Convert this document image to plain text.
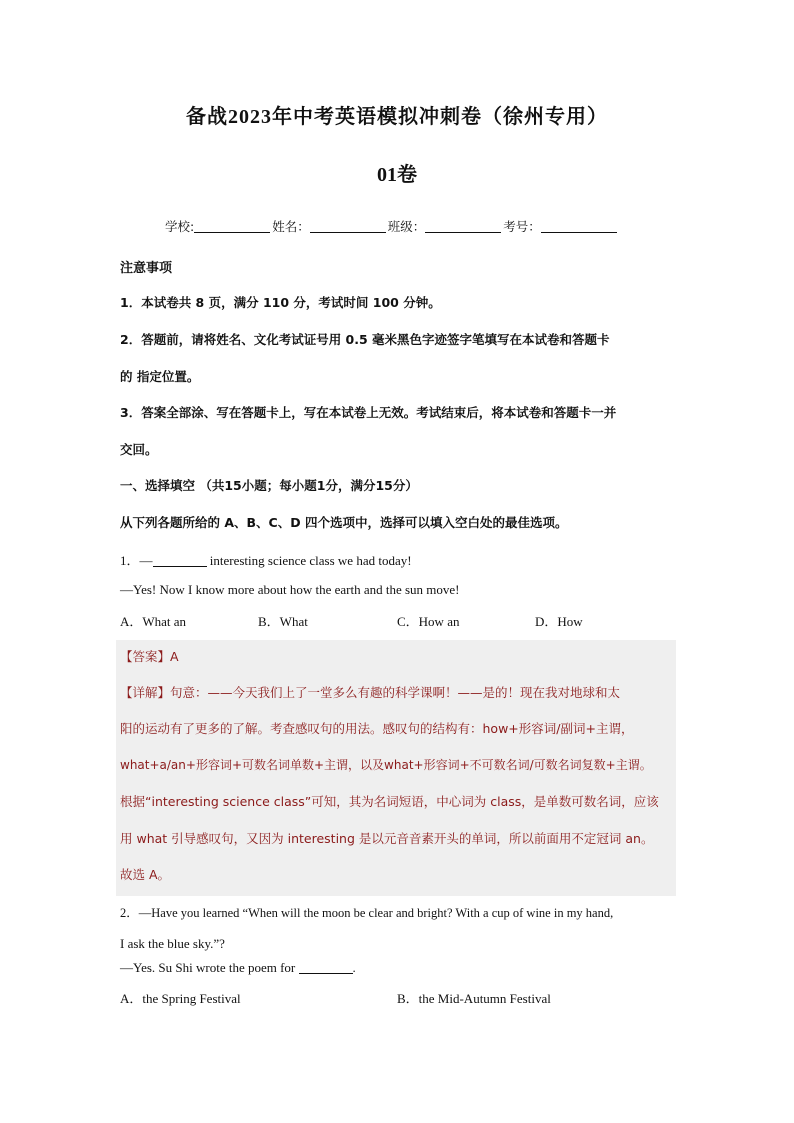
备战2023年中考英语模拟冲刺卷（徐州专用）
01卷
学校:	姓名：	班级：	考号：
注意事项
1．本试卷共 8 页，满分 110 分，考试时间 100 分钟。
2．答题前，请将姓名、文化考试证号用 0.5 毫米黑色字迹签字笔填写在本试卷和答题卡
的 指定位置。
3．答案全部涂、写在答题卡上，写在本试卷上无效。考试结束后，将本试卷和答题卡一并
交回。
一、选择填空 （共15小题；每小题1分，满分15分）
从下列各题所给的 A、B、C、D 四个选项中，选择可以填入空白处的最佳选项。
1．—	interesting science class we had today!
—Yes! Now I know more about how the earth and the sun move!
A．What an	B．What	C．How an	D．How
【答案】A
【详解】句意：——今天我们上了一堂多么有趣的科学课啊！——是的！现在我对地球和太
阳的运动有了更多的了解。考查感叹句的用法。感叹句的结构有：how+形容词/副词+主谓，
what+a/an+形容词+可数名词单数+主谓，以及what+形容词+不可数名词/可数名词复数+主谓。
根据“interesting science class”可知，其为名词短语，中心词为 class，是单数可数名词，应该
用 what 引导感叹句，又因为 interesting 是以元音音素开头的单词，所以前面用不定冠词 an。
故选 A。
2．—Have you learned “When will the moon be clear and bright? With a cup of wine in my hand,
I ask the blue sky.”?
—Yes. Su Shi wrote the poem for	.
A．the Spring Festival	B．the Mid-Autumn Festival
